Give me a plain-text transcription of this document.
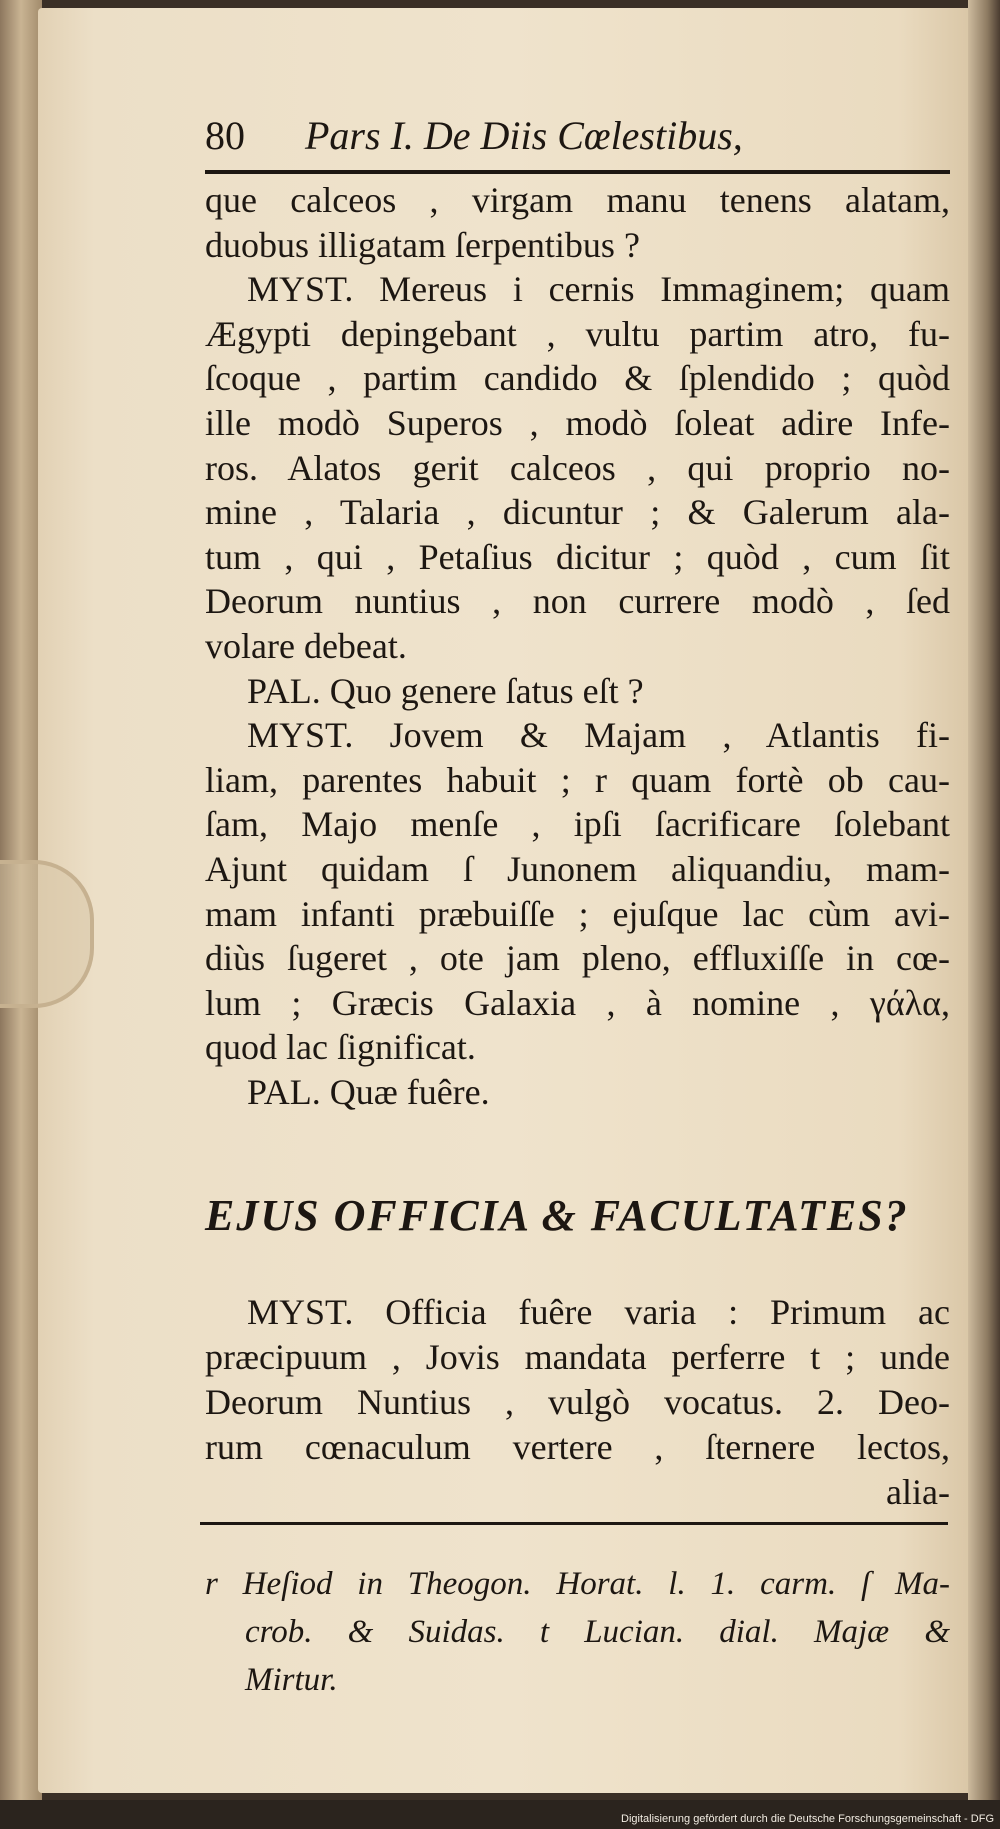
80 Pars I. De Diis Cœlestibus,
que calceos , virgam manu tenens alatam,
duobus illigatam ſerpentibus ?
MYST. Mereus i cernis Immaginem; quam
Ægypti depingebant , vultu partim atro, fu-
ſcoque , partim candido & ſplendido ; quòd
ille modò Superos , modò ſoleat adire Infe-
ros. Alatos gerit calceos , qui proprio no-
mine , Talaria , dicuntur ; & Galerum ala-
tum , qui , Petaſius dicitur ; quòd , cum ſit
Deorum nuntius , non currere modò , ſed
volare debeat.
PAL. Quo genere ſatus eſt ?
MYST. Jovem & Majam , Atlantis fi-
liam, parentes habuit ; r quam fortè ob cau-
ſam, Majo menſe , ipſi ſacrificare ſolebant
Ajunt quidam ſ Junonem aliquandiu, mam-
mam infanti præbuiſſe ; ejuſque lac cùm avi-
diùs ſugeret , ote jam pleno, effluxiſſe in cœ-
lum ; Græcis Galaxia , à nomine , γάλα,
quod lac ſignificat.
PAL. Quæ fuêre.
EJUS OFFICIA & FACULTATES?
MYST. Officia fuêre varia : Primum ac
præcipuum , Jovis mandata perferre t ; unde
Deorum Nuntius , vulgò vocatus. 2. Deo-
rum cœnaculum vertere , ſternere lectos,
alia-
r Heſiod in Theogon. Horat. l. 1. carm. ſ Ma-
crob. & Suidas. t Lucian. dial. Majæ &
Mirtur.
Digitalisierung gefördert durch die Deutsche Forschungsgemeinschaft - DFG
